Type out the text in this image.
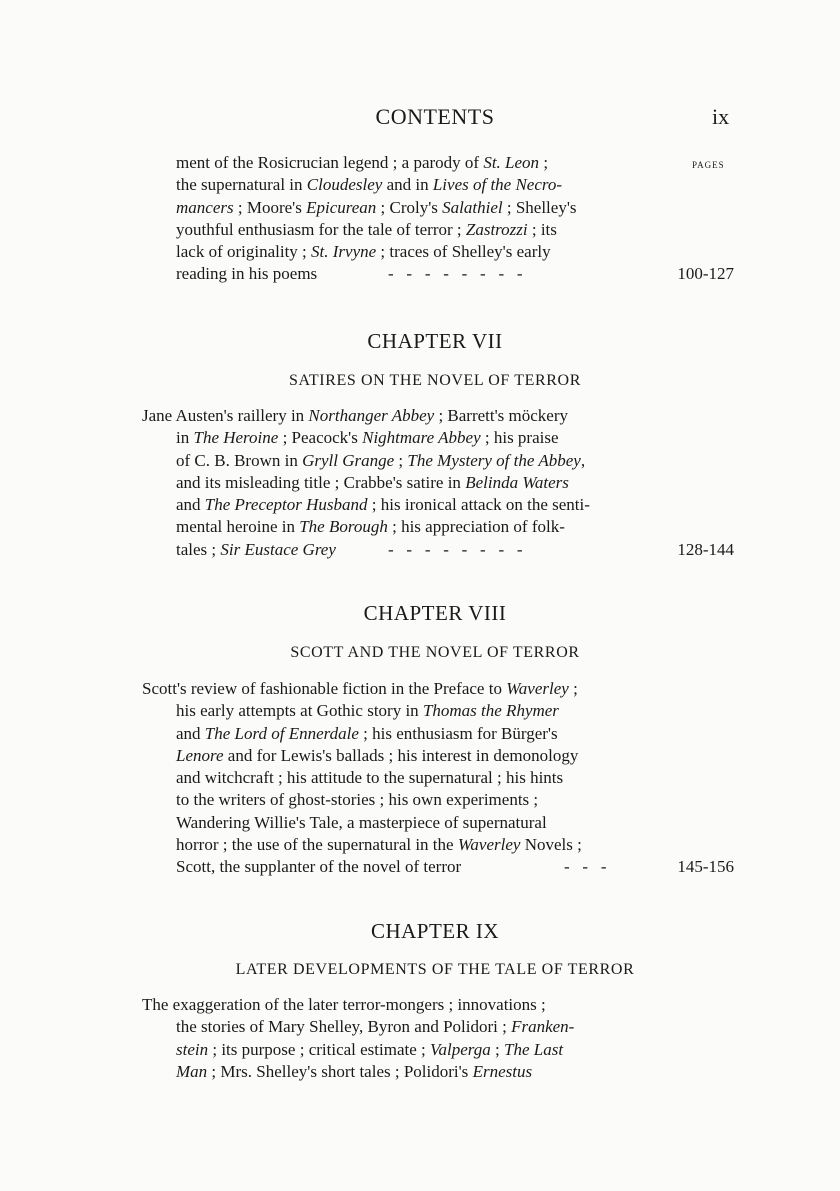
CONTENTS	ix
PAGES
ment of the Rosicrucian legend ; a parody of St. Leon ;
the supernatural in Cloudesley and in Lives of the Necro-
mancers ; Moore's Epicurean ; Croly's Salathiel ; Shelley's
youthful enthusiasm for the tale of terror ; Zastrozzi ; its
lack of originality ; St. Irvyne ; traces of Shelley's early
reading in his poems	-   -   -   -   -   -   -   -	100-127
CHAPTER VII
SATIRES ON THE NOVEL OF TERROR
Jane Austen's raillery in Northanger Abbey ; Barrett's möckery
in The Heroine ; Peacock's Nightmare Abbey ; his praise
of C. B. Brown in Gryll Grange ; The Mystery of the Abbey,
and its misleading title ; Crabbe's satire in Belinda Waters
and The Preceptor Husband ; his ironical attack on the senti-
mental heroine in The Borough ; his appreciation of folk-
tales ; Sir Eustace Grey	-   -   -   -   -   -   -   -	128-144
CHAPTER VIII
SCOTT AND THE NOVEL OF TERROR
Scott's review of fashionable fiction in the Preface to Waverley ;
his early attempts at Gothic story in Thomas the Rhymer
and The Lord of Ennerdale ; his enthusiasm for Bürger's
Lenore and for Lewis's ballads ; his interest in demonology
and witchcraft ; his attitude to the supernatural ; his hints
to the writers of ghost-stories ; his own experiments ;
Wandering Willie's Tale, a masterpiece of supernatural
horror ; the use of the supernatural in the Waverley Novels ;
Scott, the supplanter of the novel of terror	-   -   -	145-156
CHAPTER IX
LATER DEVELOPMENTS OF THE TALE OF TERROR
The exaggeration of the later terror-mongers ; innovations ;
the stories of Mary Shelley, Byron and Polidori ; Franken-
stein ; its purpose ; critical estimate ; Valperga ; The Last
Man ; Mrs. Shelley's short tales ; Polidori's Ernestus
